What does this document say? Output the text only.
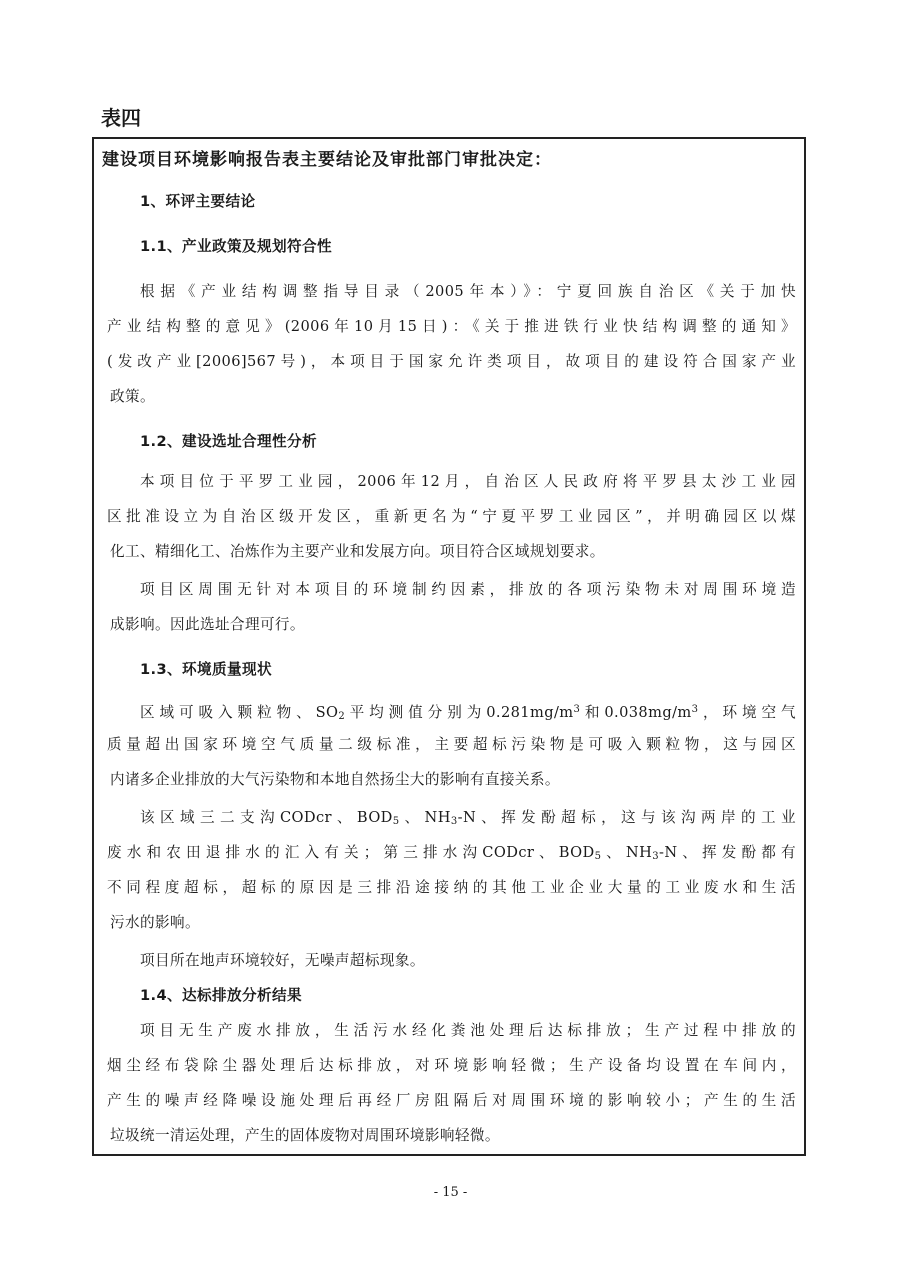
表四
建设项目环境影响报告表主要结论及审批部门审批决定：

1、环评主要结论

1.1、产业政策及规划符合性

根据《产业结构调整指导目录（2005年本）》：宁夏回族自治区《关于加快

产业结构整的意见》(2006年10月15日)：《关于推进铁行业快结构调整的通知》

(发改产业[2006]567号)，本项目于国家允许类项目，故项目的建设符合国家产业

政策。

1.2、建设选址合理性分析

本项目位于平罗工业园，2006年12月，自治区人民政府将平罗县太沙工业园

区批准设立为自治区级开发区，重新更名为“宁夏平罗工业园区”，并明确园区以煤

化工、精细化工、冶炼作为主要产业和发展方向。项目符合区域规划要求。

项目区周围无针对本项目的环境制约因素，排放的各项污染物未对周围环境造

成影响。因此选址合理可行。

1.3、环境质量现状

区域可吸入颗粒物、$SO_2$平均测值分别为$0.281mg/m^3$和$0.038mg/m^3$，环境空气

质量超出国家环境空气质量二级标准，主要超标污染物是可吸入颗粒物，这与园区

内诸多企业排放的大气污染物和本地自然扬尘大的影响有直接关系。

该区域三二支沟CODcr、$BOD_5$、$NH_3-N$、挥发酚超标，这与该沟两岸的工业

废水和农田退排水的汇入有关；第三排水沟CODcr、$BOD_5$、$NH_3-N$、挥发酚都有

不同程度超标，超标的原因是三排沿途接纳的其他工业企业大量的工业废水和生活

污水的影响。

项目所在地声环境较好，无噪声超标现象。

1.4、达标排放分析结果

项目无生产废水排放，生活污水经化粪池处理后达标排放；生产过程中排放的

烟尘经布袋除尘器处理后达标排放，对环境影响轻微；生产设备均设置在车间内，

产生的噪声经降噪设施处理后再经厂房阻隔后对周围环境的影响较小；产生的生活

垃圾统一清运处理，产生的固体废物对周围环境影响轻微。

- 15 -
